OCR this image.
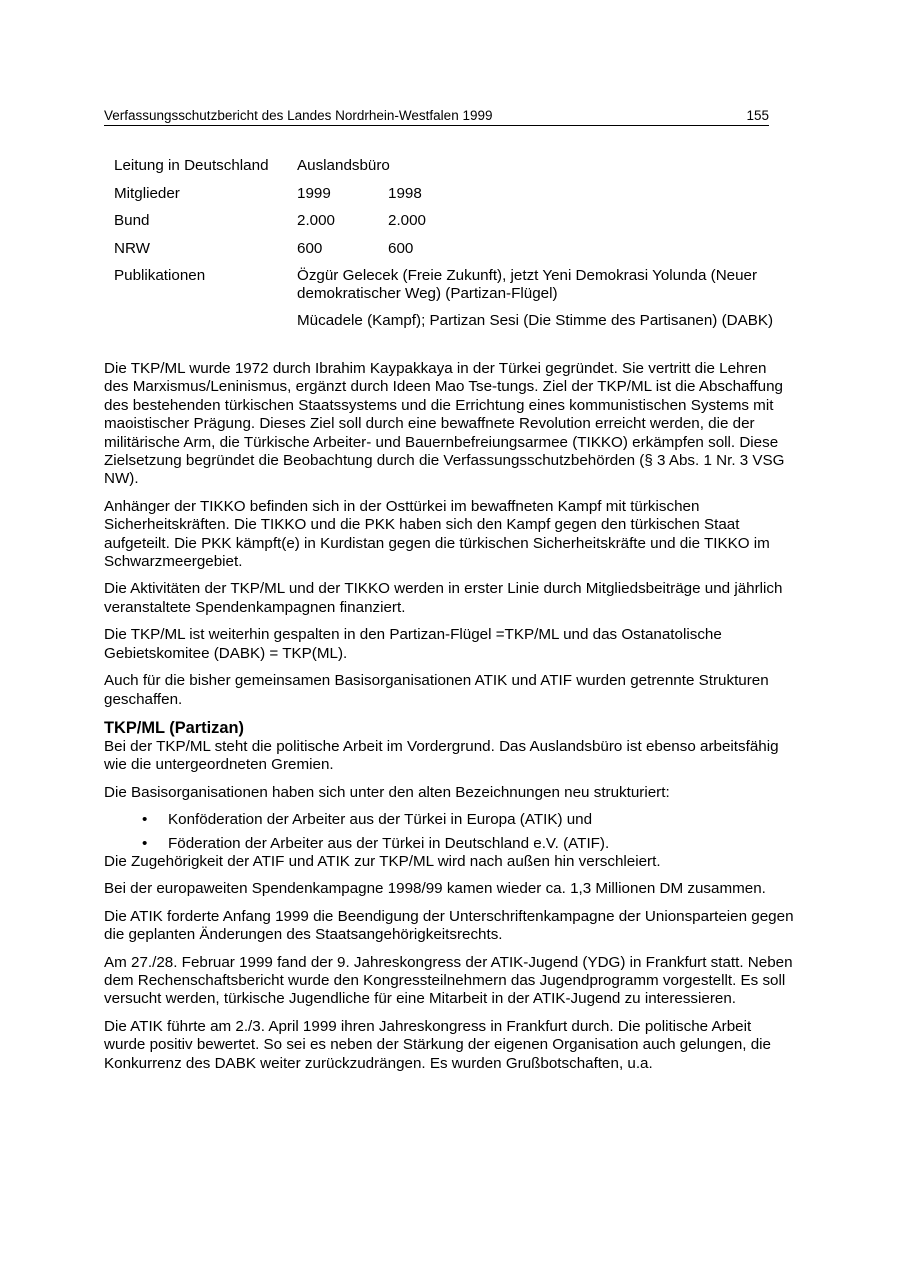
Verfassungsschutzbericht des Landes Nordrhein-Westfalen 1999	155
Leitung in Deutschland	Auslandsbüro
Mitglieder	1999	1998
Bund	2.000	2.000
NRW	600	600
Publikationen	Özgür Gelecek (Freie Zukunft), jetzt Yeni Demokrasi Yolunda (Neuer demokratischer Weg) (Partizan-Flügel)
Mücadele (Kampf); Partizan Sesi (Die Stimme des Partisanen) (DABK)

Die TKP/ML wurde 1972 durch Ibrahim Kaypakkaya in der Türkei gegründet. Sie vertritt die Lehren des Marxismus/Leninismus, ergänzt durch Ideen Mao Tse-tungs. Ziel der TKP/ML ist die Abschaffung des bestehenden türkischen Staatssystems und die Errichtung eines kommunistischen Systems mit maoistischer Prägung. Dieses Ziel soll durch eine bewaffnete Revolution erreicht werden, die der militärische Arm, die Türkische Arbeiter- und Bauernbefreiungsarmee (TIKKO) erkämpfen soll. Diese Zielsetzung begründet die Beobachtung durch die Verfassungsschutzbehörden (§ 3 Abs. 1 Nr. 3 VSG NW).

Anhänger der TIKKO befinden sich in der Osttürkei im bewaffneten Kampf mit türkischen Sicherheitskräften. Die TIKKO und die PKK haben sich den Kampf gegen den türkischen Staat aufgeteilt. Die PKK kämpft(e) in Kurdistan gegen die türkischen Sicherheitskräfte und die TIKKO im Schwarzmeergebiet.

Die Aktivitäten der TKP/ML und der TIKKO werden in erster Linie durch Mitgliedsbeiträge und jährlich veranstaltete Spendenkampagnen finanziert.

Die TKP/ML ist weiterhin gespalten in den Partizan-Flügel =TKP/ML und das Ostanatolische Gebietskomitee (DABK) = TKP(ML).

Auch für die bisher gemeinsamen Basisorganisationen ATIK und ATIF wurden getrennte Strukturen geschaffen.

TKP/ML (Partizan)

Bei der TKP/ML steht die politische Arbeit im Vordergrund. Das Auslandsbüro ist ebenso arbeitsfähig wie die untergeordneten Gremien.

Die Basisorganisationen haben sich unter den alten Bezeichnungen neu strukturiert:

• Konföderation der Arbeiter aus der Türkei in Europa (ATIK) und
• Föderation der Arbeiter aus der Türkei in Deutschland e.V. (ATIF).

Die Zugehörigkeit der ATIF und ATIK zur TKP/ML wird nach außen hin verschleiert.

Bei der europaweiten Spendenkampagne 1998/99 kamen wieder ca. 1,3 Millionen DM zusammen.

Die ATIK forderte Anfang 1999 die Beendigung der Unterschriftenkampagne der Unionsparteien gegen die geplanten Änderungen des Staatsangehörigkeitsrechts.

Am 27./28. Februar 1999 fand der 9. Jahreskongress der ATIK-Jugend (YDG) in Frankfurt statt. Neben dem Rechenschaftsbericht wurde den Kongressteilnehmern das Jugendprogramm vorgestellt. Es soll versucht werden, türkische Jugendliche für eine Mitarbeit in der ATIK-Jugend zu interessieren.

Die ATIK führte am 2./3. April 1999 ihren Jahreskongress in Frankfurt durch. Die politische Arbeit wurde positiv bewertet. So sei es neben der Stärkung der eigenen Organisation auch gelungen, die Konkurrenz des DABK weiter zurückzudrängen. Es wurden Grußbotschaften, u.a.
